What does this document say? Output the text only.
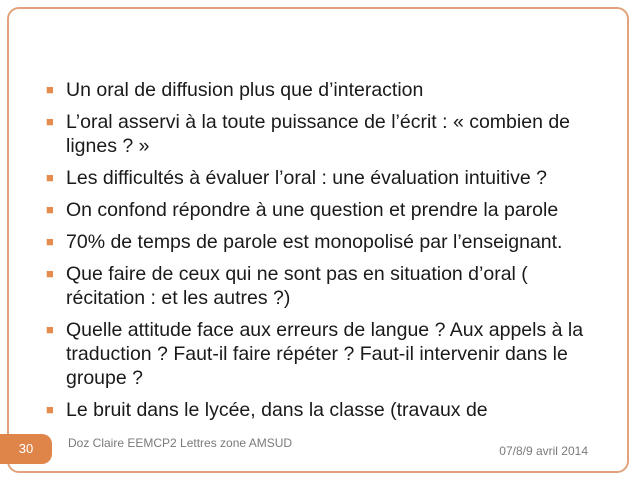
■ Un oral de diffusion plus que d’interaction
■ L’oral asservi à la toute puissance de l’écrit : « combien de lignes ? »
■ Les difficultés à évaluer l’oral : une évaluation intuitive ?
■ On confond répondre à une question et prendre la parole
■ 70% de temps de parole est monopolisé par l’enseignant.
■ Que faire de ceux qui ne sont pas en situation d’oral ( récitation : et les autres ?)
■ Quelle attitude face aux erreurs de langue ? Aux appels à la traduction ? Faut-il faire répéter ? Faut-il intervenir dans le groupe ?
■ Le bruit dans le lycée, dans la classe (travaux de
Doz Claire EEMCP2 Lettres zone AMSUD
07/8/9 avril 2014
30
